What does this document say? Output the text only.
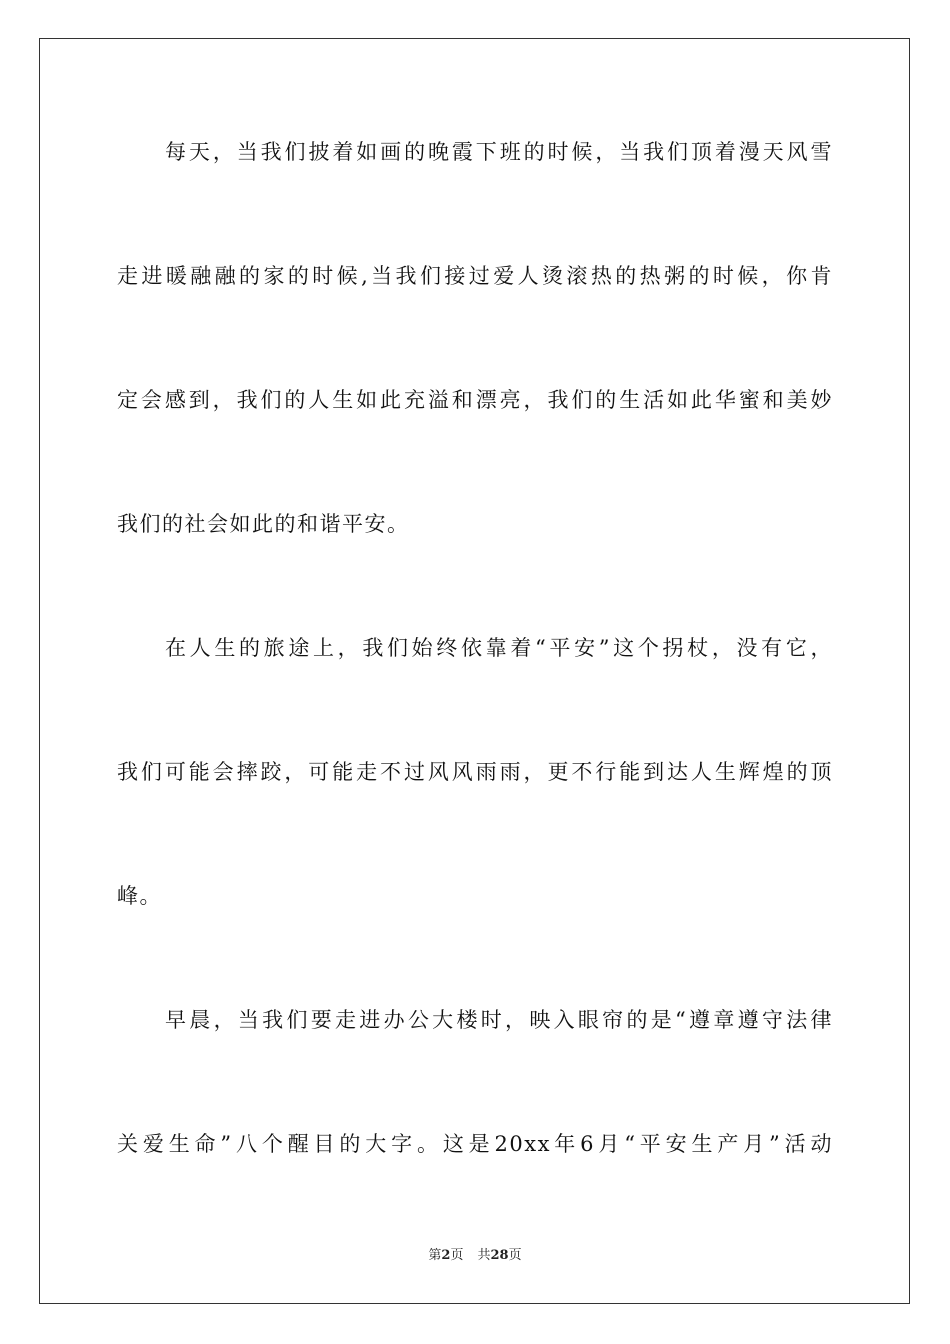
每天，当我们披着如画的晚霞下班的时候，当我们顶着漫天风雪
走进暖融融的家的时候,当我们接过爱人烫滚热的热粥的时候，你肯
定会感到，我们的人生如此充溢和漂亮，我们的生活如此华蜜和美妙
我们的社会如此的和谐平安。
在人生的旅途上，我们始终依靠着“平安”这个拐杖，没有它，
我们可能会摔跤，可能走不过风风雨雨，更不行能到达人生辉煌的顶
峰。
早晨，当我们要走进办公大楼时，映入眼帘的是“遵章遵守法律
关爱生命”八个醒目的大字。这是20xx年6月“平安生产月”活动
第2页 共28页
